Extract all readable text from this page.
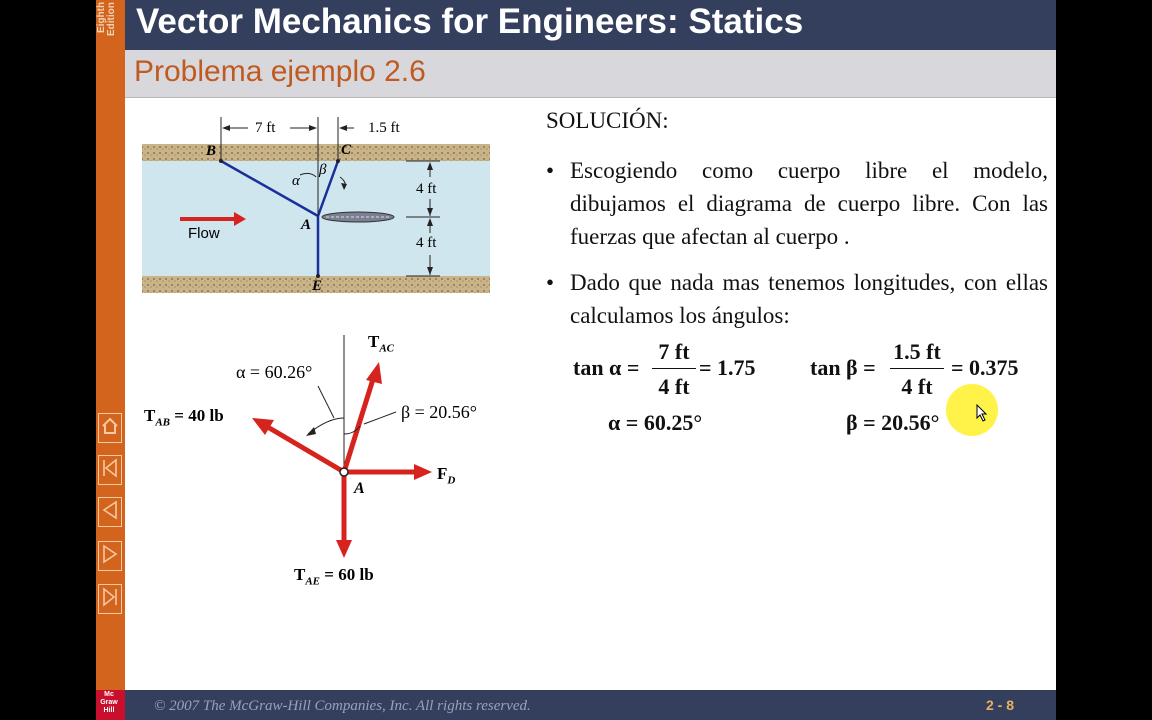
Eighth Edition Vector Mechanics for Engineers: Statics
Problema ejemplo 2.6
7 ft	1.5 ft
4 ft
4 ft
B	C
A
E
α
β
Flow
$T_{AC}$
α = 60.26°
β = 20.56°
$T_{AB} = 40$ lb
$F_D$
A
$T_{AE} = 60$ lb
SOLUCIÓN:
• Escogiendo como cuerpo libre el modelo, dibujamos el diagrama de cuerpo libre. Con las fuerzas que afectan al cuerpo .
• Dado que nada mas tenemos longitudes, con ellas calculamos los ángulos:
tan α =
7 ft
4 ft
= 1.75 tan β =
1.5 ft
4 ft
= 0.375
α = 60.25°	β = 20.56°
© 2007 The McGraw-Hill Companies, Inc. All rights reserved.	2 - 8
Mc Graw Hill
